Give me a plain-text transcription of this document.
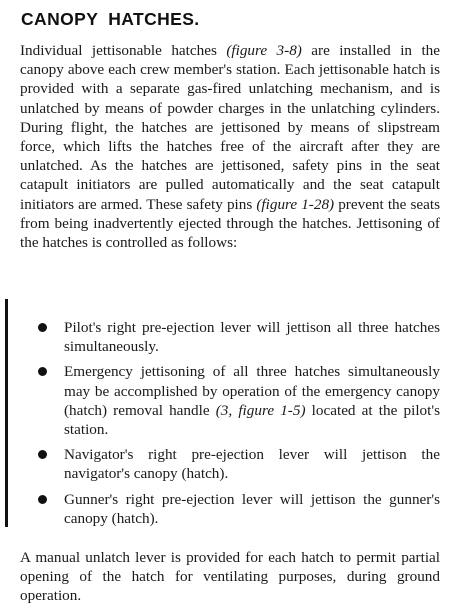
CANOPY HATCHES.

Individual jettisonable hatches (figure 3-8) are installed in the canopy above each crew member's station. Each jettisonable hatch is provided with a separate gas-fired unlatching mechanism, and is unlatched by means of powder charges in the unlatching cylinders. During flight, the hatches are jettisoned by means of slipstream force, which lifts the hatches free of the aircraft after they are unlatched. As the hatches are jettisoned, safety pins in the seat catapult initiators are pulled automatically and the seat catapult initiators are armed. These safety pins (figure 1-28) prevent the seats from being inadvertently ejected through the hatches. Jettisoning of the hatches is controlled as follows:

Pilot's right pre-ejection lever will jettison all three hatches simultaneously.
Emergency jettisoning of all three hatches simultaneously may be accomplished by operation of the emergency canopy (hatch) removal handle (3, figure 1-5) located at the pilot's station.
Navigator's right pre-ejection lever will jettison the navigator's canopy (hatch).
Gunner's right pre-ejection lever will jettison the gunner's canopy (hatch).

A manual unlatch lever is provided for each hatch to permit partial opening of the hatch for ventilating purposes, during ground operation.
